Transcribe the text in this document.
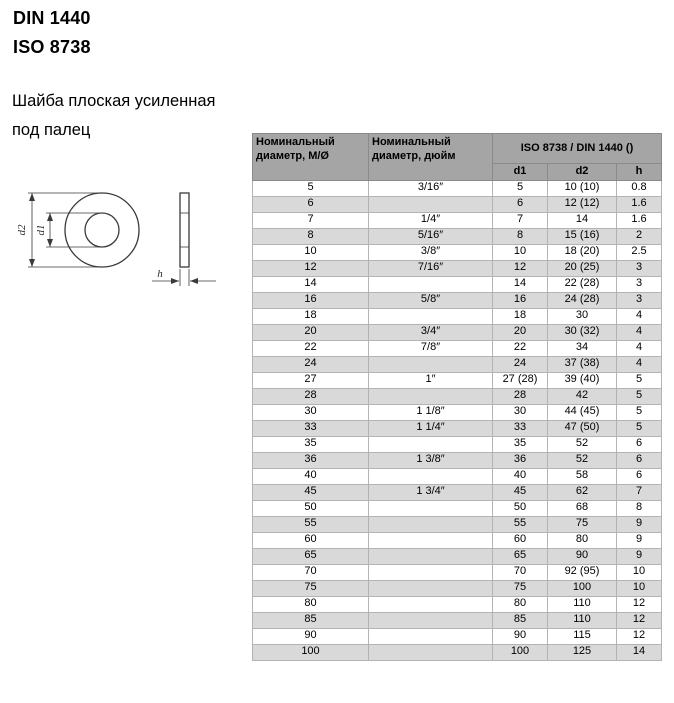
DIN 1440
ISO 8738
Шайба плоская усиленная
под палец
d2 d1
h
Номинальный диаметр, М/Ø	Номинальный диаметр, дюйм	ISO 8738 / DIN 1440 ()		
		d1	d2	h
5	3/16″	5	10 (10)	0.8
6		6	12 (12)	1.6
7	1/4″	7	14	1.6
8	5/16″	8	15 (16)	2
10	3/8″	10	18 (20)	2.5
12	7/16″	12	20 (25)	3
14		14	22 (28)	3
16	5/8″	16	24 (28)	3
18		18	30	4
20	3/4″	20	30 (32)	4
22	7/8″	22	34	4
24		24	37 (38)	4
27	1″	27 (28)	39 (40)	5
28		28	42	5
30	1 1/8″	30	44 (45)	5
33	1 1/4″	33	47 (50)	5
35		35	52	6
36	1 3/8″	36	52	6
40		40	58	6
45	1 3/4″	45	62	7
50		50	68	8
55		55	75	9
60		60	80	9
65		65	90	9
70		70	92 (95)	10
75		75	100	10
80		80	110	12
85		85	110	12
90		90	115	12
100		100	125	14
